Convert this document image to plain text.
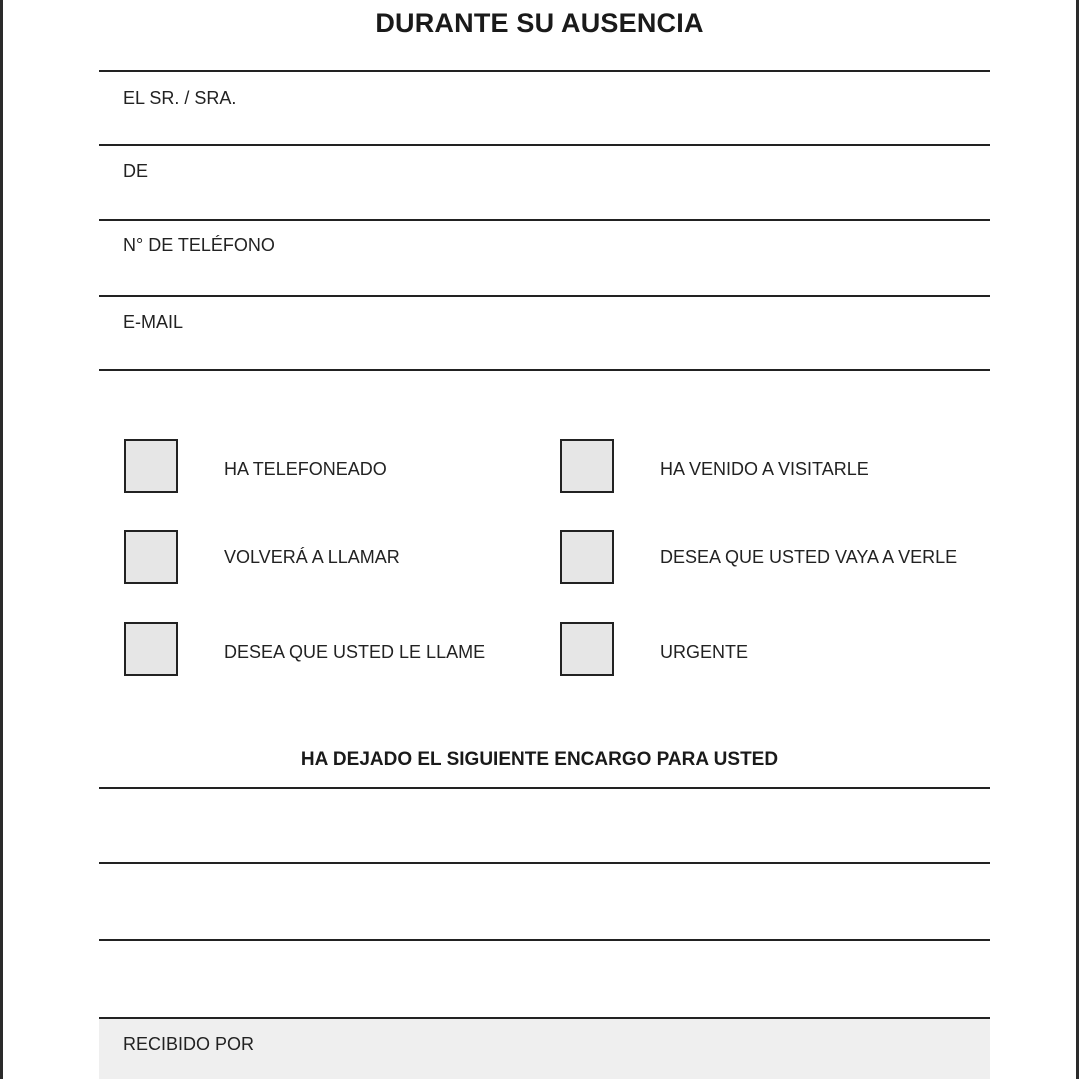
DURANTE SU AUSENCIA
EL SR. / SRA.
DE
N° DE TELÉFONO
E-MAIL
HA TELEFONEADO
VOLVERÁ A LLAMAR
DESEA QUE USTED LE LLAME
HA VENIDO A VISITARLE
DESEA QUE USTED VAYA A VERLE
URGENTE
HA DEJADO EL SIGUIENTE ENCARGO PARA USTED
RECIBIDO POR
